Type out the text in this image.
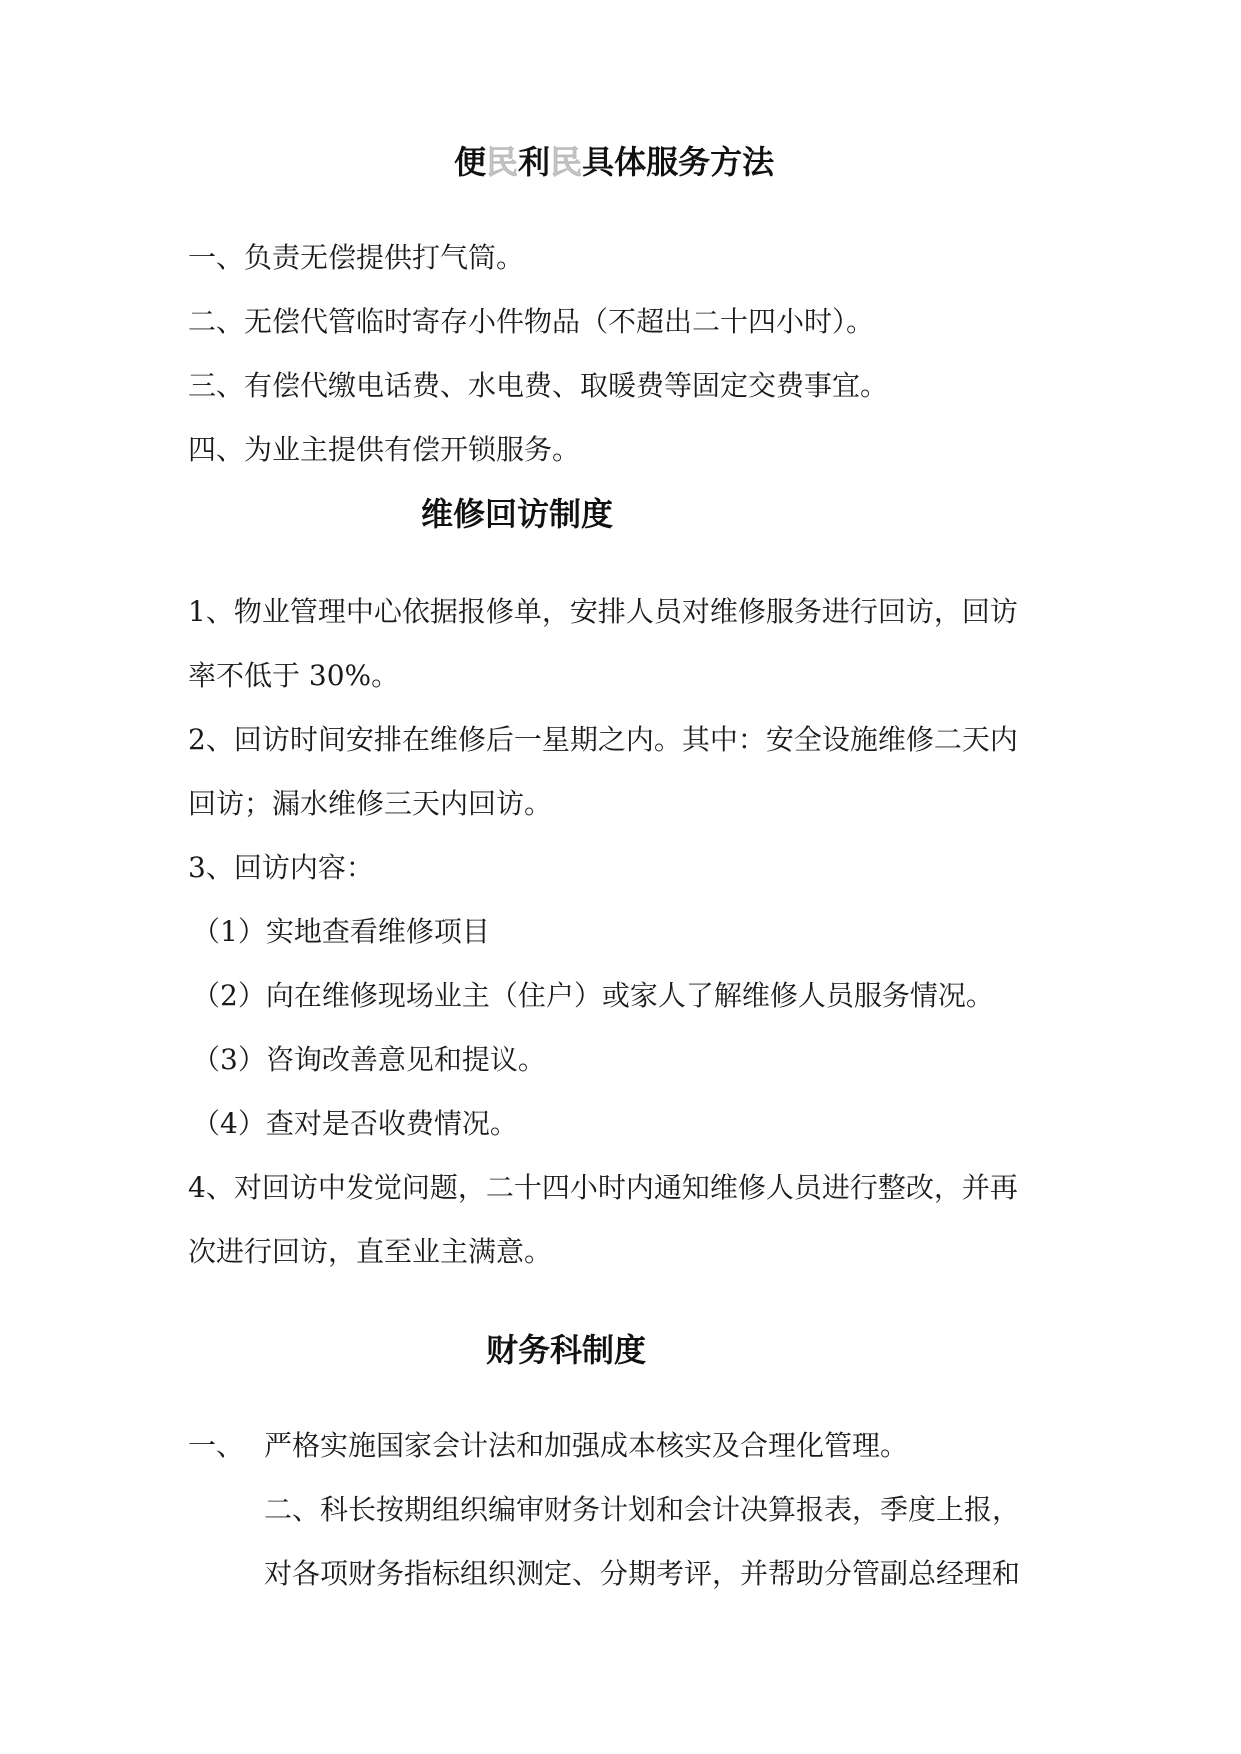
便民利民具体服务方法
一、负责无偿提供打气筒。
二、无偿代管临时寄存小件物品（不超出二十四小时）。
三、有偿代缴电话费、水电费、取暖费等固定交费事宜。
四、为业主提供有偿开锁服务。
维修回访制度
1、物业管理中心依据报修单，安排人员对维修服务进行回访，回访
率不低于 30%。
2、回访时间安排在维修后一星期之内。其中：安全设施维修二天内
回访；漏水维修三天内回访。
3、回访内容：
（1）实地查看维修项目
（2）向在维修现场业主（住户）或家人了解维修人员服务情况。
（3）咨询改善意见和提议。
（4）查对是否收费情况。
4、对回访中发觉问题，二十四小时内通知维修人员进行整改，并再
次进行回访，直至业主满意。
财务科制度
一、 严格实施国家会计法和加强成本核实及合理化管理。
二、科长按期组织编审财务计划和会计决算报表，季度上报，
对各项财务指标组织测定、分期考评，并帮助分管副总经理和
